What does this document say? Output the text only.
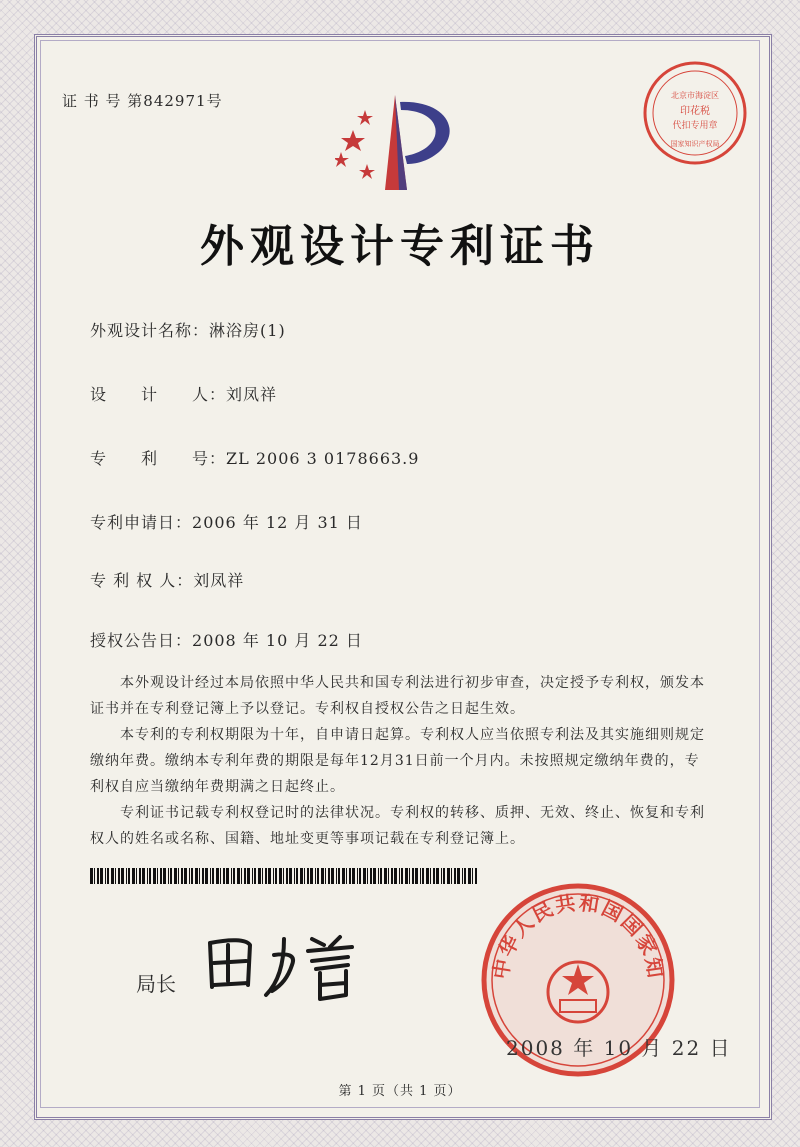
证 书 号 第842971号	北京市海淀区
印花税
代扣专用章
国家知识产权局
外观设计专利证书
外观设计名称：淋浴房(1)
设　　计　　人：刘凤祥
专　　利　　号：ZL 2006 3 0178663.9
专利申请日：2006 年 12 月 31 日
专 利 权 人：刘凤祥
授权公告日：2008 年 10 月 22 日

本外观设计经过本局依照中华人民共和国专利法进行初步审查，决定授予专利权，颁发本证书并在专利登记簿上予以登记。专利权自授权公告之日起生效。

本专利的专利权期限为十年，自申请日起算。专利权人应当依照专利法及其实施细则规定缴纳年费。缴纳本专利年费的期限是每年12月31日前一个月内。未按照规定缴纳年费的，专利权自应当缴纳年费期满之日起终止。

专利证书记载专利权登记时的法律状况。专利权的转移、质押、无效、终止、恢复和专利权人的姓名或名称、国籍、地址变更等事项记载在专利登记簿上。

局长
中华人民共和国国家知
2008 年 10 月 22 日
第 1 页（共 1 页）
